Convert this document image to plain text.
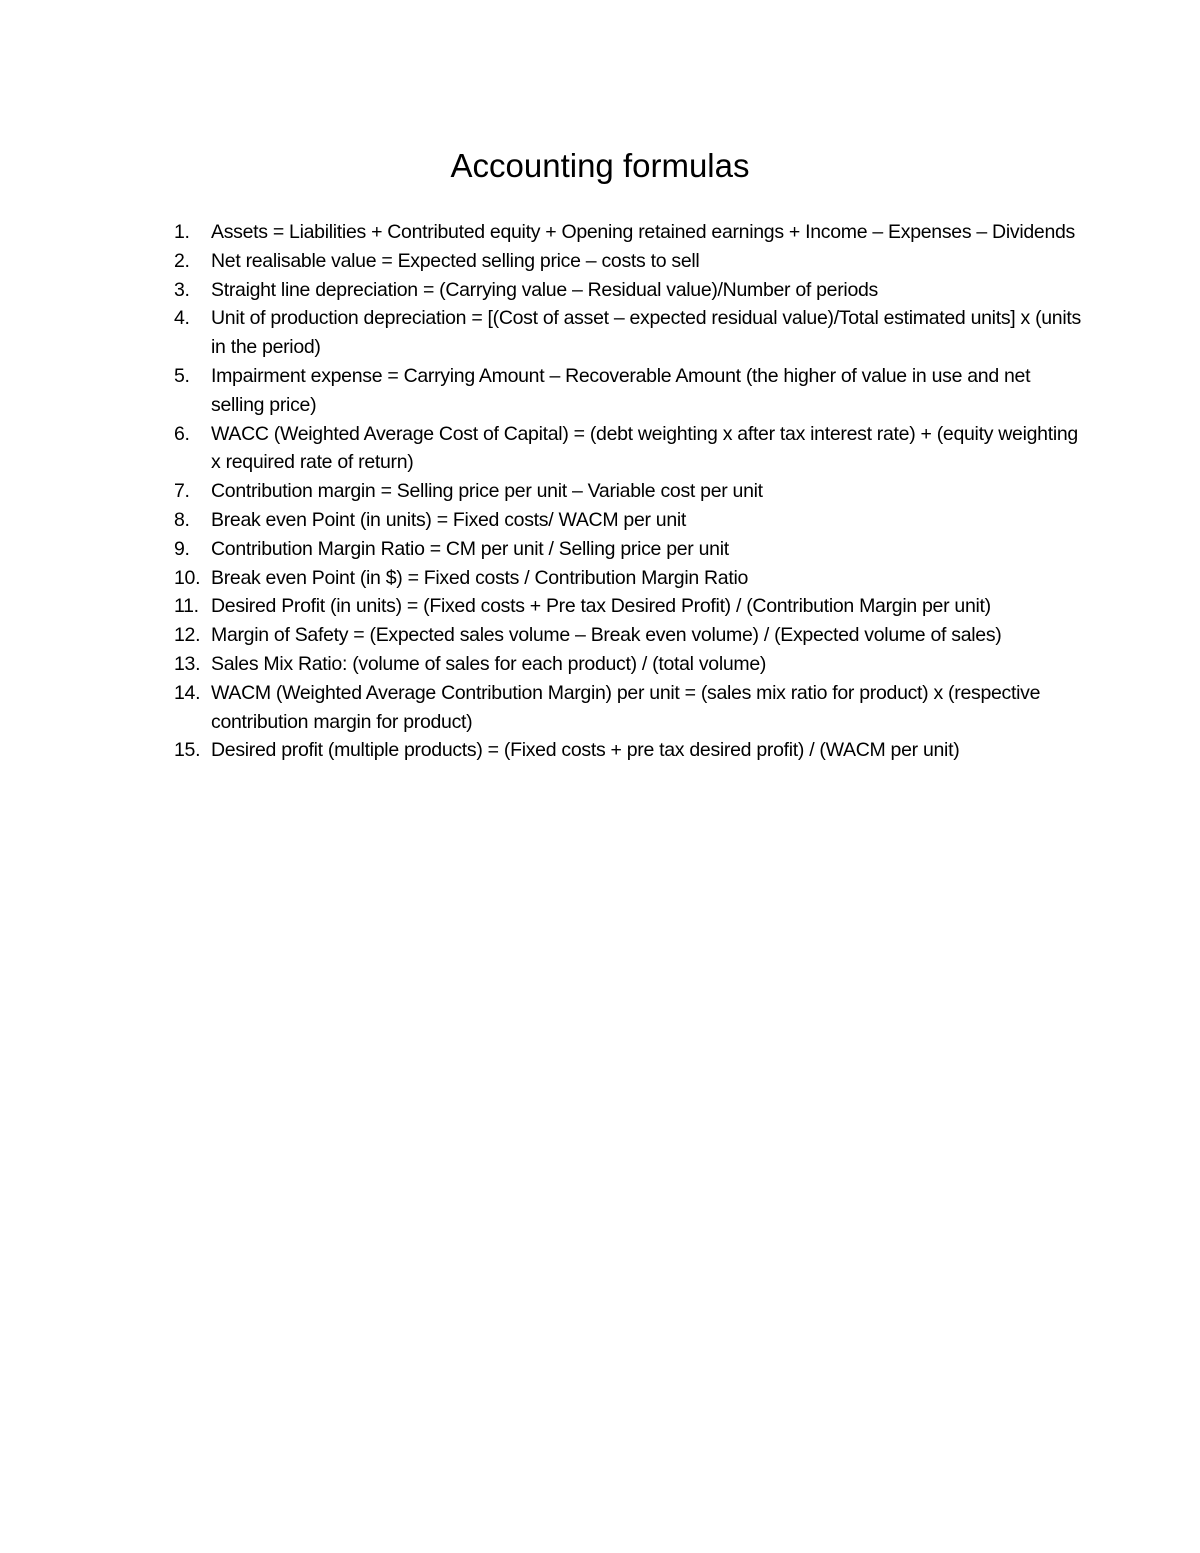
Accounting formulas
1.	Assets = Liabilities + Contributed equity + Opening retained earnings + Income – Expenses – Dividends
2.	Net realisable value = Expected selling price – costs to sell
3.	Straight line depreciation = (Carrying value – Residual value)/Number of periods
4.	Unit of production depreciation = [(Cost of asset – expected residual value)/Total estimated units] x (units in the period)
5.	Impairment expense = Carrying Amount – Recoverable Amount (the higher of value in use and net selling price)
6.	WACC (Weighted Average Cost of Capital) = (debt weighting x after tax interest rate) + (equity weighting x required rate of return)
7.	Contribution margin = Selling price per unit – Variable cost per unit
8.	Break even Point (in units) = Fixed costs/ WACM per unit
9.	Contribution Margin Ratio = CM per unit / Selling price per unit
10. Break even Point (in $) = Fixed costs / Contribution Margin Ratio
11. Desired Profit (in units) = (Fixed costs + Pre tax Desired Profit) / (Contribution Margin per unit)
12. Margin of Safety = (Expected sales volume – Break even volume) / (Expected volume of sales)
13. Sales Mix Ratio: (volume of sales for each product) / (total volume)
14. WACM (Weighted Average Contribution Margin) per unit = (sales mix ratio for product) x (respective contribution margin for product)
15. Desired profit (multiple products) = (Fixed costs + pre tax desired profit) / (WACM per unit)
